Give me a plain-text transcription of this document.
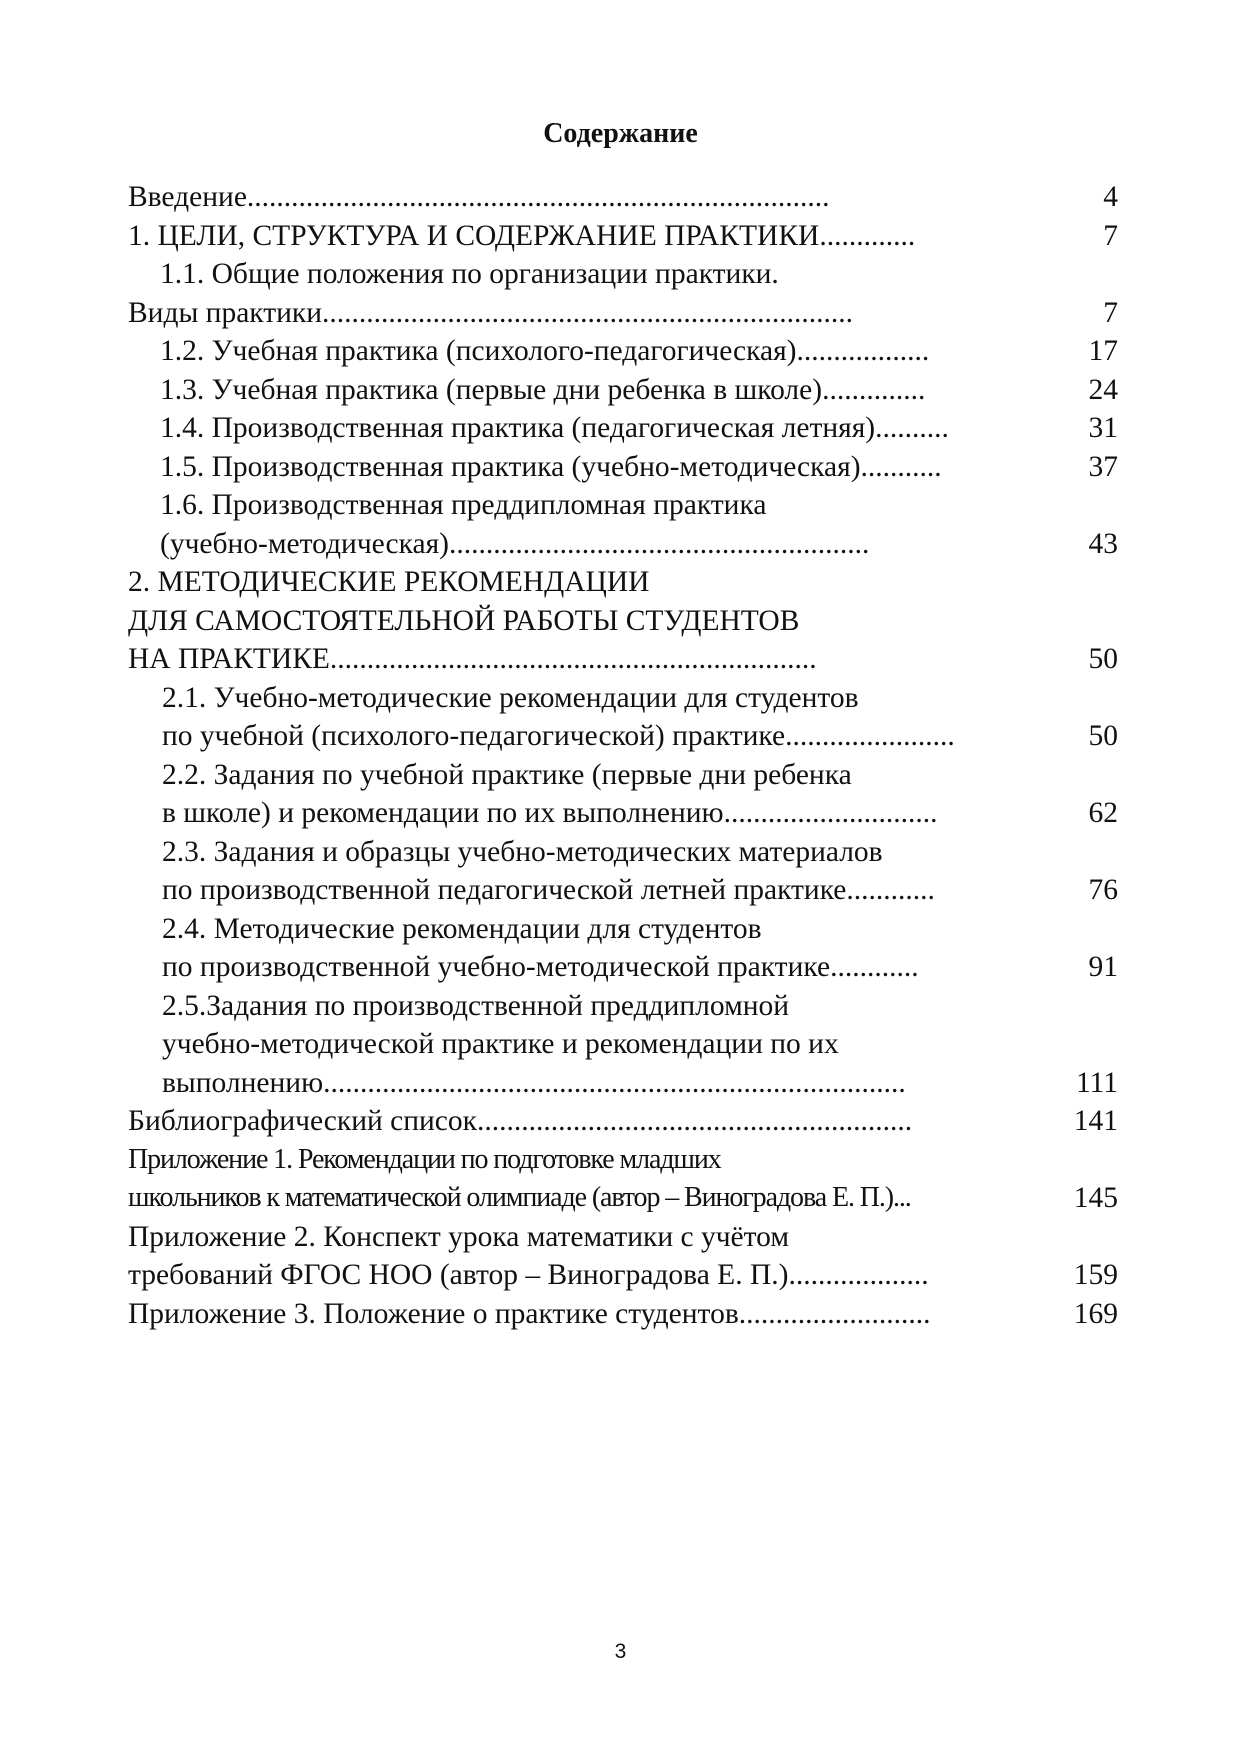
Содержание
Введение...............................................................................	4
1. ЦЕЛИ, СТРУКТУРА И СОДЕРЖАНИЕ ПРАКТИКИ.............	7
1.1. Общие положения по организации практики.
Виды практики........................................................................	7
1.2. Учебная практика (психолого-педагогическая)..................	17
1.3. Учебная практика (первые дни ребенка в школе)..............	24
1.4. Производственная практика (педагогическая летняя)..........	31
1.5. Производственная практика (учебно-методическая)...........	37
1.6. Производственная преддипломная практика
(учебно-методическая).........................................................	43
2. МЕТОДИЧЕСКИЕ РЕКОМЕНДАЦИИ
ДЛЯ САМОСТОЯТЕЛЬНОЙ РАБОТЫ СТУДЕНТОВ
НА ПРАКТИКЕ..................................................................	50
2.1. Учебно-методические рекомендации для студентов
по учебной (психолого-педагогической) практике.......................	50
2.2. Задания по учебной практике (первые дни ребенка
в школе) и рекомендации по их выполнению.............................	62
2.3. Задания и образцы учебно-методических материалов
по производственной педагогической летней практике............	76
2.4. Методические рекомендации для студентов
по производственной учебно-методической практике............	91
2.5.Задания по производственной преддипломной
учебно-методической практике и рекомендации по их
выполнению...............................................................................	111
Библиографический список...........................................................	141
Приложение 1. Рекомендации по подготовке младших
школьников к математической олимпиаде (автор – Виноградова Е. П.)...	145
Приложение 2. Конспект урока математики с учётом
требований ФГОС НОО (автор – Виноградова Е. П.)...................	159
Приложение 3. Положение о практике студентов..........................	169
3
